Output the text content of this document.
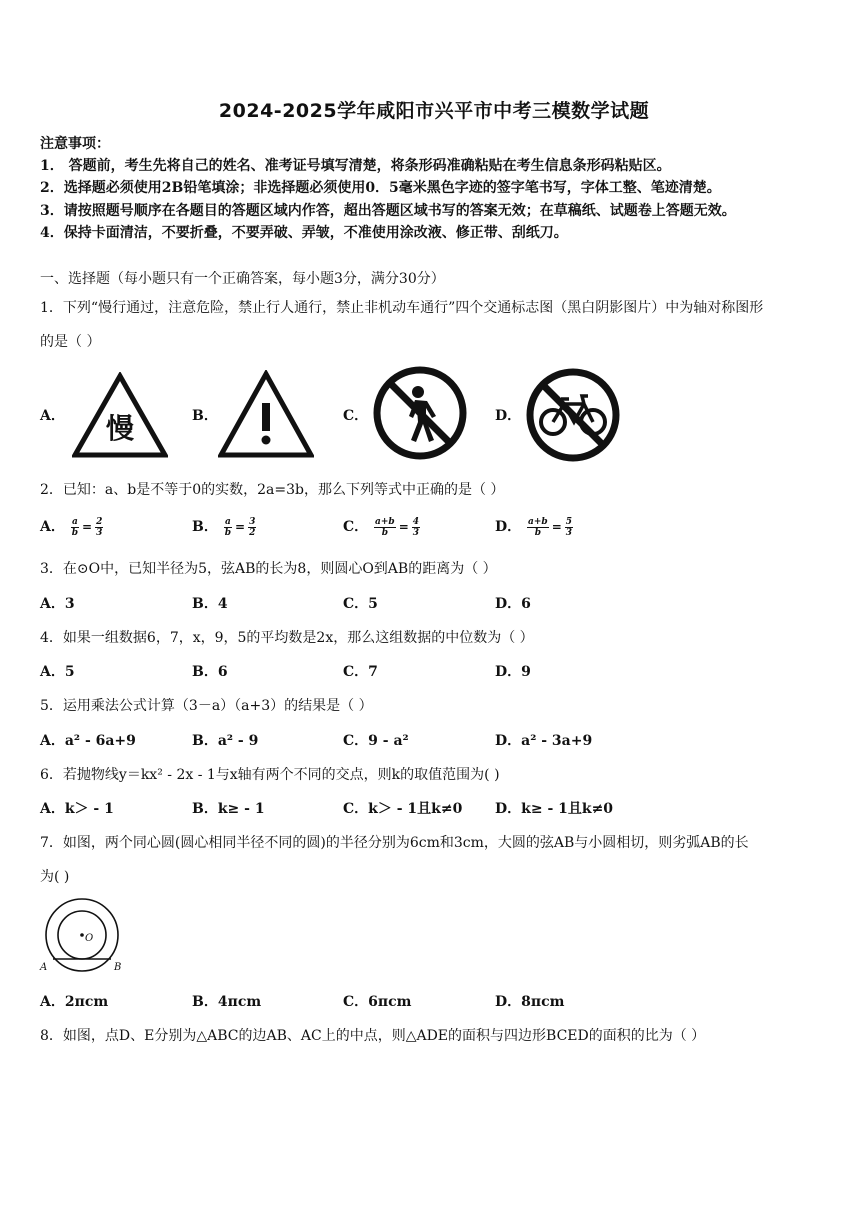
2024-2025学年咸阳市兴平市中考三模数学试题
注意事项：
1． 答题前，考生先将自己的姓名、准考证号填写清楚，将条形码准确粘贴在考生信息条形码粘贴区。
2．选择题必须使用2B铅笔填涂；非选择题必须使用0．5毫米黑色字迹的签字笔书写，字体工整、笔迹清楚。
3．请按照题号顺序在各题目的答题区域内作答，超出答题区域书写的答案无效；在草稿纸、试题卷上答题无效。
4．保持卡面清洁，不要折叠，不要弄破、弄皱，不准使用涂改液、修正带、刮纸刀。
一、选择题（每小题只有一个正确答案，每小题3分，满分30分）
1．下列“慢行通过，注意危险，禁止行人通行，禁止非机动车通行”四个交通标志图（黑白阴影图片）中为轴对称图形
的是（ ）
A． 慢	B．	C．	D．
2．已知：a、b是不等于0的实数，2a=3b，那么下列等式中正确的是（ ）
A． $\frac{a}{b} = \frac{2}{3}$	B． $\frac{a}{b} = \frac{3}{2}$	C． $\frac{a+b}{b} = \frac{4}{3}$	D． $\frac{a+b}{b} = \frac{5}{3}$
3．在⊙O中，已知半径为5，弦AB的长为8，则圆心O到AB的距离为（ ）
A．3	B．4	C．5	D．6
4．如果一组数据6，7，x，9，5的平均数是2x，那么这组数据的中位数为（ ）
A．5	B．6	C．7	D．9
5．运用乘法公式计算（3－a）（a+3）的结果是（ ）
A．a² - 6a+9	B．a² - 9	C．9 - a²	D．a² - 3a+9
6．若抛物线y＝kx² - 2x - 1与x轴有两个不同的交点，则k的取值范围为( )
A．k＞ - 1	B．k≥ - 1	C．k＞ - 1且k≠0 D．k≥ - 1且k≠0
7．如图，两个同心圆(圆心相同半径不同的圆)的半径分别为6cm和3cm，大圆的弦AB与小圆相切，则劣弧AB的长
为( )
O
A	B
A．2πcm	B．4πcm	C．6πcm	D．8πcm
8．如图，点D、E分别为△ABC的边AB、AC上的中点，则△ADE的面积与四边形BCED的面积的比为（ ）
